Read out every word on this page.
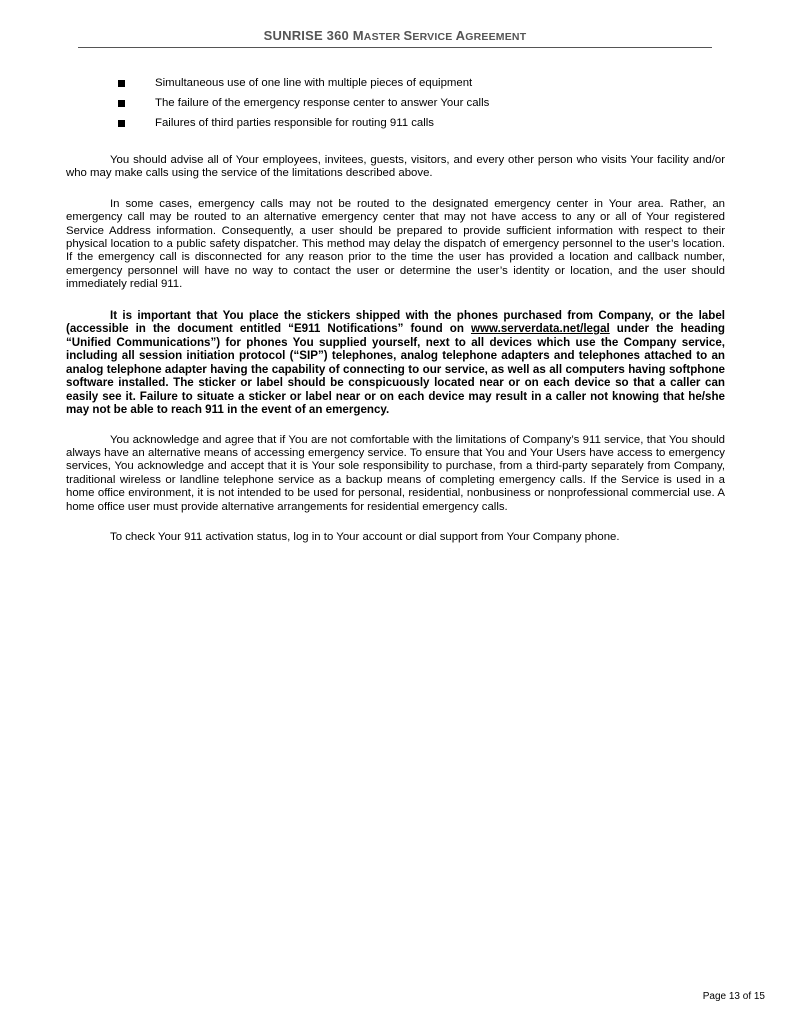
SUNRISE 360 MASTER SERVICE AGREEMENT
Simultaneous use of one line with multiple pieces of equipment
The failure of the emergency response center to answer Your calls
Failures of third parties responsible for routing 911 calls

You should advise all of Your employees, invitees, guests, visitors, and every other person who visits Your facility and/or who may make calls using the service of the limitations described above.

In some cases, emergency calls may not be routed to the designated emergency center in Your area. Rather, an emergency call may be routed to an alternative emergency center that may not have access to any or all of Your registered Service Address information. Consequently, a user should be prepared to provide sufficient information with respect to their physical location to a public safety dispatcher. This method may delay the dispatch of emergency personnel to the user’s location. If the emergency call is disconnected for any reason prior to the time the user has provided a location and callback number, emergency personnel will have no way to contact the user or determine the user’s identity or location, and the user should immediately redial 911.

It is important that You place the stickers shipped with the phones purchased from Company, or the label (accessible in the document entitled “E911 Notifications” found on www.serverdata.net/legal under the heading “Unified Communications”) for phones You supplied yourself, next to all devices which use the Company service, including all session initiation protocol (“SIP”) telephones, analog telephone adapters and telephones attached to an analog telephone adapter having the capability of connecting to our service, as well as all computers having softphone software installed. The sticker or label should be conspicuously located near or on each device so that a caller can easily see it. Failure to situate a sticker or label near or on each device may result in a caller not knowing that he/she may not be able to reach 911 in the event of an emergency.

You acknowledge and agree that if You are not comfortable with the limitations of Company’s 911 service, that You should always have an alternative means of accessing emergency service. To ensure that You and Your Users have access to emergency services, You acknowledge and accept that it is Your sole responsibility to purchase, from a third-party separately from Company, traditional wireless or landline telephone service as a backup means of completing emergency calls. If the Service is used in a home office environment, it is not intended to be used for personal, residential, nonbusiness or nonprofessional commercial use. A home office user must provide alternative arrangements for residential emergency calls.

To check Your 911 activation status, log in to Your account or dial support from Your Company phone.

Page 13 of 15
